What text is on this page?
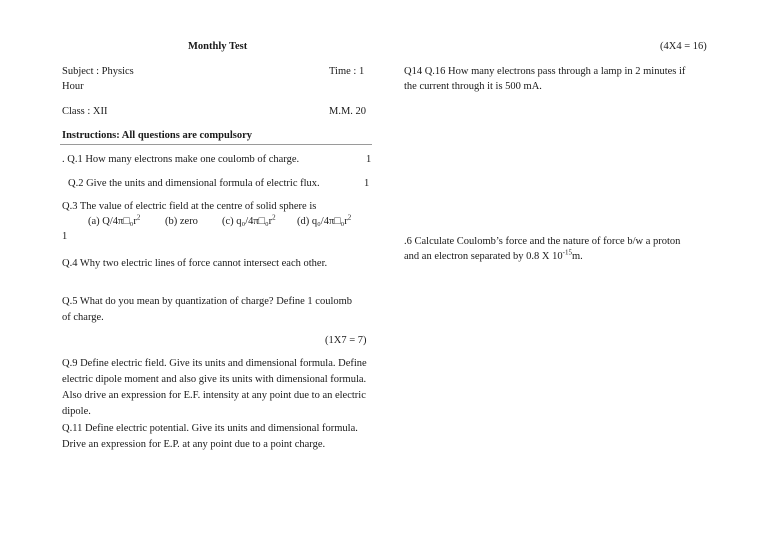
Monthly Test	(4X4 = 16)
Subject : Physics	Time : 1
Hour
Class : XII	M.M. 20
Instructions: All questions are compulsory
. Q.1 How many electrons make one coulomb of charge.	1
Q.2 Give the units and dimensional formula of electric flux.	1
Q.3 The value of electric field at the centre of solid sphere is
(a) $Q/4\pi□_0r^2$ (b) zero (c) $q_0/4\pi□_0r^2$ (d) $q_0/4\pi□_0r^2$
1
Q.4 Why two electric lines of force cannot intersect each other.
Q.5 What do you mean by quantization of charge? Define 1 coulomb
of charge.
(1X7 = 7)
Q.9 Define electric field. Give its units and dimensional formula. Define electric dipole moment and also give its units with dimensional formula. Also drive an expression for E.F. intensity at any point due to an electric dipole.
Q.11 Define electric potential. Give its units and dimensional formula. Drive an expression for E.P. at any point due to a point charge.
Q14 Q.16 How many electrons pass through a lamp in 2 minutes if
the current through it is 500 mA.
.6 Calculate Coulomb’s force and the nature of force b/w a proton
and an electron separated by 0.8 X $10^{-15}m$.
